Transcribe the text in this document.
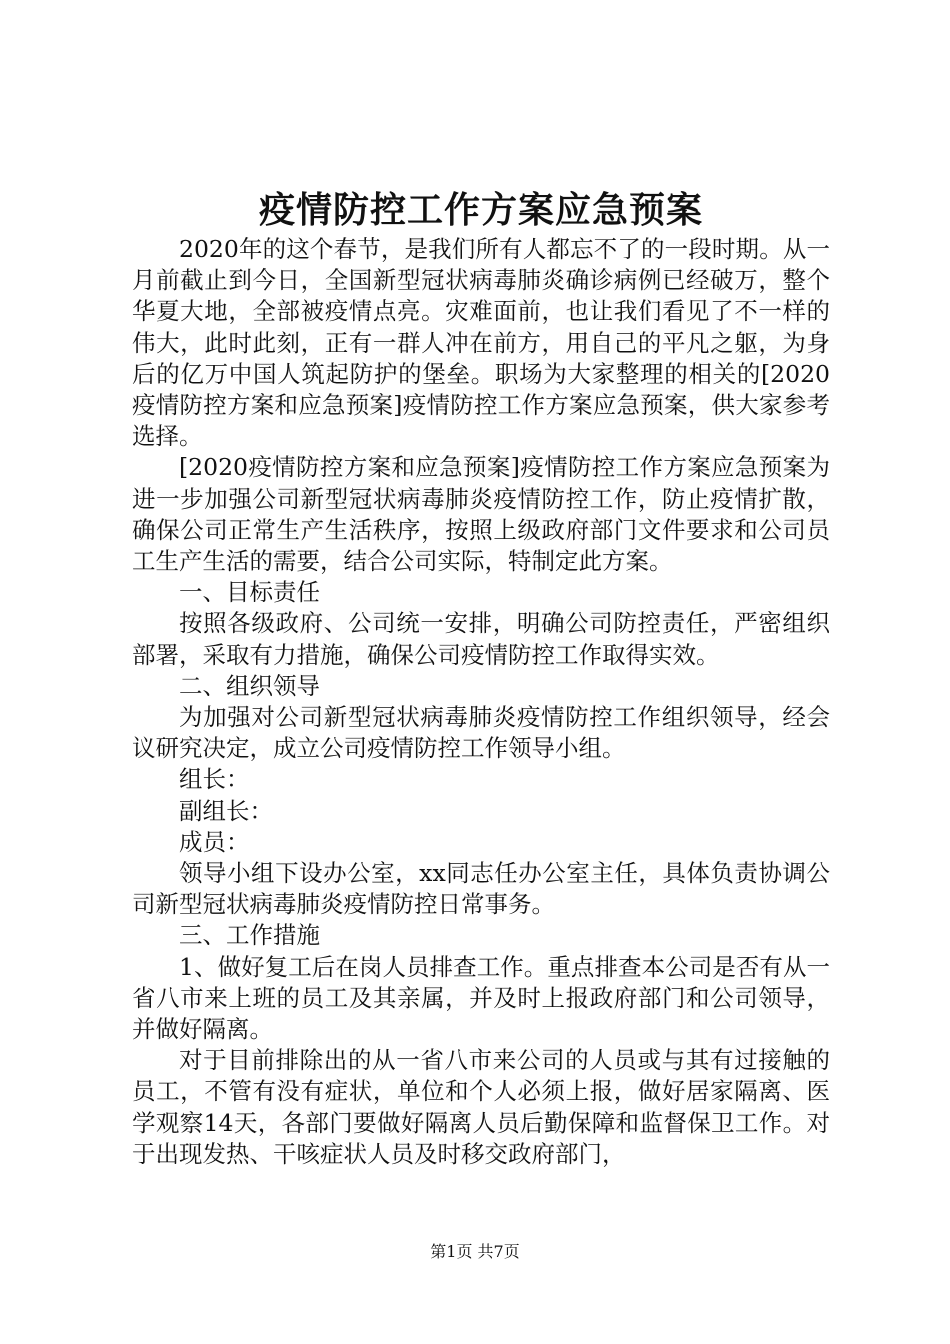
疫情防控工作方案应急预案

2020年的这个春节，是我们所有人都忘不了的一段时期。从一月前截止到今日，全国新型冠状病毒肺炎确诊病例已经破万，整个华夏大地，全部被疫情点亮。灾难面前，也让我们看见了不一样的伟大，此时此刻，正有一群人冲在前方，用自己的平凡之躯，为身后的亿万中国人筑起防护的堡垒。职场为大家整理的相关的[2020疫情防控方案和应急预案]疫情防控工作方案应急预案，供大家参考选择。

[2020疫情防控方案和应急预案]疫情防控工作方案应急预案为进一步加强公司新型冠状病毒肺炎疫情防控工作，防止疫情扩散，确保公司正常生产生活秩序，按照上级政府部门文件要求和公司员工生产生活的需要，结合公司实际，特制定此方案。

一、目标责任

按照各级政府、公司统一安排，明确公司防控责任，严密组织部署，采取有力措施，确保公司疫情防控工作取得实效。

二、组织领导

为加强对公司新型冠状病毒肺炎疫情防控工作组织领导，经会议研究决定，成立公司疫情防控工作领导小组。

组长：

副组长：

成员：

领导小组下设办公室，xx同志任办公室主任，具体负责协调公司新型冠状病毒肺炎疫情防控日常事务。

三、工作措施

1、做好复工后在岗人员排查工作。重点排查本公司是否有从一省八市来上班的员工及其亲属，并及时上报政府部门和公司领导，并做好隔离。

对于目前排除出的从一省八市来公司的人员或与其有过接触的员工，不管有没有症状，单位和个人必须上报，做好居家隔离、医学观察14天，各部门要做好隔离人员后勤保障和监督保卫工作。对于出现发热、干咳症状人员及时移交政府部门，

第1页 共7页
